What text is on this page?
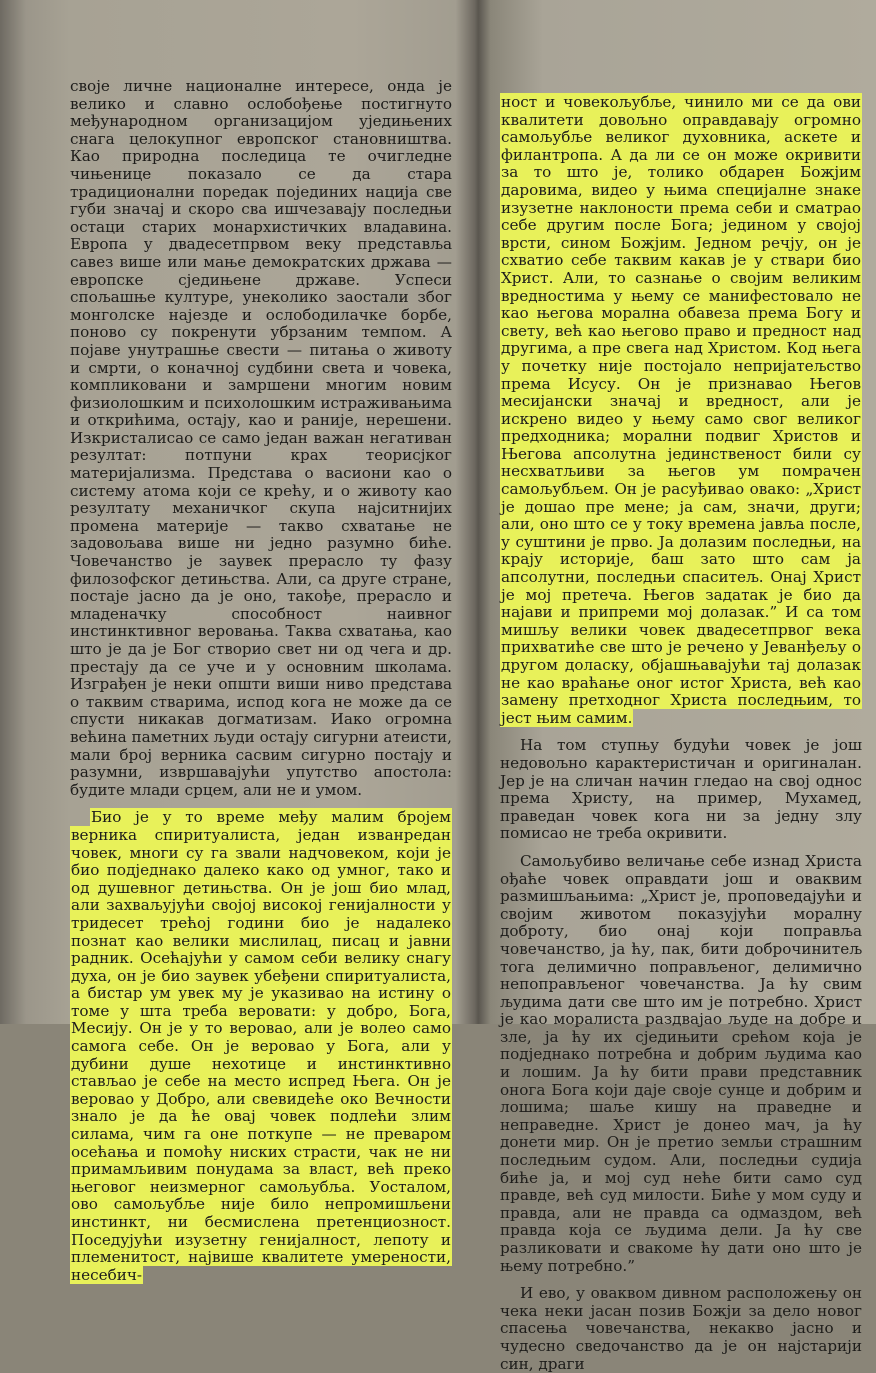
своје личне националне интересе, онда је велико и славно ослобођење постигнуто међународном организацијом уједињених снага целокупног европског становништва. Као природна последица те очигледне чињенице показало се да стара традиционални поредак појединих нација све губи значај и скоро сва ишчезавају последњи остаци старих монархистичких владавина. Европа у двадесетпрвом веку представља савез више или мање демократских држава — европске сједињене државе. Успеси спољашње културе, унеколико заостали због монголске најезде и ослободилачке борбе, поново су покренути убрзаним темпом. А појаве унутрашње свести — питања о животу и смрти, о коначној судбини света и човека, компликовани и замршени многим новим физиолошким и психолошким истраживањима и открићима, остају, као и раније, нерешени. Изкристалисао се само један важан негативан резултат: потпуни крах теорисјког материјализма. Представа о васиони као о систему атома који се крећу, и о животу као резултату механичког скупа најситнијих промена материје — такво схватање не задовољава више ни једно разумно биће. Човечанство је заувек прерасло ту фазу филозофског детињства. Али, са друге стране, постаје јасно да је оно, такође, прерасло и младеначку способност наивног инстинктивног веровања. Таква схватања, као што је да је Бог створио свет ни од чега и др. престају да се уче и у основним школама. Изграђен је неки општи виши ниво представа о таквим стварима, испод кога не може да се спусти никакав догматизам. Иако огромна већина паметних људи остају сигурни атеисти, мали број верника сасвим сигурно постају и разумни, извршавајући упутство апостола: будите млади срцем, али не и умом.

Био је у то време међу малим бројем верника спиритуалиста, један изванредан човек, многи су га звали надчовеком, који је био подједнако далеко како од умног, тако и од душевног детињства. Он је још био млад, али захваљујући својој високој генијалности у тридесет трећој години био је надалеко познат као велики мислилац, писац и јавни радник. Осећајући у самом себи велику снагу духа, он је био заувек убеђени спиритуалиста, а бистар ум увек му је указивао на истину о томе у шта треба веровати: у добро, Бога, Месију. Он је у то веровао, али је волео само самога себе. Он је веровао у Бога, али у дубини душе нехотице и инстинктивно стављао је себе на место испред Њега. Он је веровао у Добро, али свевидеће око Вечности знало је да ће овај човек подлећи злим силама, чим га оне поткупе — не преваром осећања и помоћу ниских страсти, чак не ни примамљивим понудама за власт, већ преко његовог неизмерног самољубља. Уосталом, ово самољубље није било непромишљени инстинкт, ни бесмислена претенциозност. Поседујући изузетну генијалност, лепоту и племенитост, највише квалитете умерености, несебич-

ност и човекољубље, чинило ми се да ови квалитети довољно оправдавају огромно самољубље великог духовника, аскете и филантропа. А да ли се он може окривити за то што је, толико обдарен Божјим даровима, видео у њима специјалне знаке изузетне наклоности према себи и сматрао себе другим после Бога; једином у својој врсти, сином Божјим. Једном речју, он је схватио себе таквим какав је у ствари био Христ. Али, то сазнање о својим великим вредностима у њему се манифестовало не као његова морална обавеза према Богу и свету, већ као његово право и предност над другима, а пре свега над Христом. Код њега у почетку није постојало непријатељство према Исусу. Он је признавао Његов месијански значај и вредност, али је искрено видео у њему само свог великог предходника; морални подвиг Христов и Његова апсолутна јединственост били су несхватљиви за његов ум помрачен самољубљем. Он је расуђивао овако: „Христ је дошао пре мене; ја сам, значи, други; али, оно што се у току времена јавља после, у суштини је прво. Ја долазим последњи, на крају историје, баш зато што сам ја апсолутни, последњи спаситељ. Онај Христ је мој претеча. Његов задатак је био да најави и припреми мој долазак.” И са том мишљу велики човек двадесетпрвог века прихватиће све што је речено у Јеванђељу о другом доласку, објашњавајући тај долазак не као враћање оног истог Христа, већ као замену претходног Христа последњим, то јест њим самим.

На том ступњу будући човек је још недовољно карактеристичан и оригиналан. Јер је на сличан начин гледао на свој однос према Христу, на пример, Мухамед, праведан човек кога ни за једну злу помисао не треба окривити.

Самољубиво величање себе изнад Христа ођаће човек оправдати још и оваквим размишљањима: „Христ је, проповедајући и својим животом показујући моралну доброту, био онај који поправља човечанство, ја ћу, пак, бити доброчинитељ тога делимично поправљеног, делимично непоправљеног човечанства. Ја ћу свим људима дати све што им је потребно. Христ је као моралиста раздвајао људе на добре и зле, ја ћу их сједињити срећом која је подједнако потребна и добрим људима као и лошим. Ја ћу бити прави представник онога Бога који даје своје сунце и добрим и лошима; шаље кишу на праведне и неправедне. Христ је донео мач, ја ћу донети мир. Он је претио земљи страшним последњим судом. Али, последњи судија биће ја, и мој суд неће бити само суд правде, већ суд милости. Биће у мом суду и правда, али не правда са одмаздом, већ правда која се људима дели. Ја ћу све разликовати и свакоме ћу дати оно што је њему потребно.”

И ево, у оваквом дивном расположењу он чека неки јасан позив Божји за дело новог спасења човечанства, некакво јасно и чудесно сведочанство да је он најстарији син, драги
